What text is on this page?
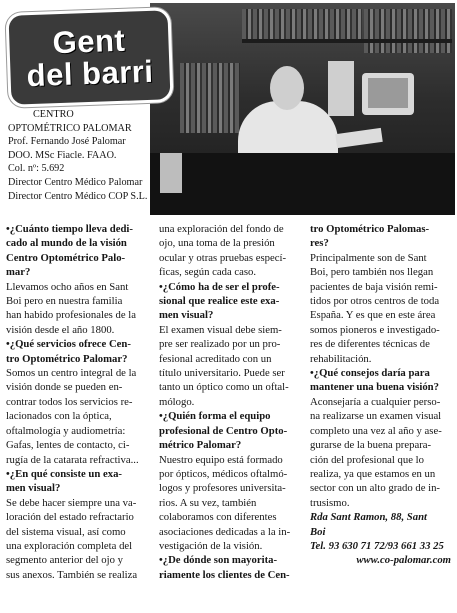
Gent
del barri
CENTRO
OPTOMÉTRICO PALOMAR
Prof. Fernando José Palomar
DOO. MSc Fiacle. FAAO.
Col. nº: 5.692
Director Centro Médico Palomar
Director Centro Médico COP S.L.
•¿Cuánto tiempo lleva dedi-
cado al mundo de la visión
Centro Optométrico Palo-
mar?
Llevamos ocho años en Sant
Boi pero en nuestra familia
han habido profesionales de la
visión desde el año 1800.
•¿Qué servicios ofrece Cen-
tro Optométrico Palomar?
Somos un centro integral de la
visión donde se pueden en-
contrar todos los servicios re-
lacionados con la óptica,
oftalmología y audiometría:
Gafas, lentes de contacto, ci-
rugía de la catarata refractiva...
•¿En qué consiste un exa-
men visual?
Se debe hacer siempre una va-
loración del estado refractario
del sistema visual, así como
una exploración completa del
segmento anterior del ojo y
sus anexos. También se realiza
una exploración del fondo de
ojo, una toma de la presión
ocular y otras pruebas especí-
ficas, según cada caso.
•¿Cómo ha de ser el profe-
sional que realice este exa-
men visual?
El examen visual debe siem-
pre ser realizado por un pro-
fesional acreditado con un
título universitario. Puede ser
tanto un óptico como un oftal-
mólogo.
•¿Quién forma el equipo
profesional de Centro Opto-
métrico Palomar?
Nuestro equipo está formado
por ópticos, médicos oftalmó-
logos y profesores universita-
rios. A su vez, también
colaboramos con diferentes
asociaciones dedicadas a la in-
vestigación de la visión.
•¿De dónde son mayorita-
riamente los clientes de Cen-
tro Optométrico Palomas-
res?
Principalmente son de Sant
Boi, pero también nos llegan
pacientes de baja visión remi-
tidos por otros centros de toda
España. Y es que en este área
somos pioneros e investigado-
res de diferentes técnicas de
rehabilitación.
•¿Qué consejos daría para
mantener una buena visión?
Aconsejaría a cualquier perso-
na realizarse un examen visual
completo una vez al año y ase-
gurarse de la buena prepara-
ción del profesional que lo
realiza, ya que estamos en un
sector con un alto grado de in-
trusismo.
Rda Sant Ramon, 88, Sant
Boi
Tel. 93 630 71 72/93 661 33 25
www.co-palomar.com
